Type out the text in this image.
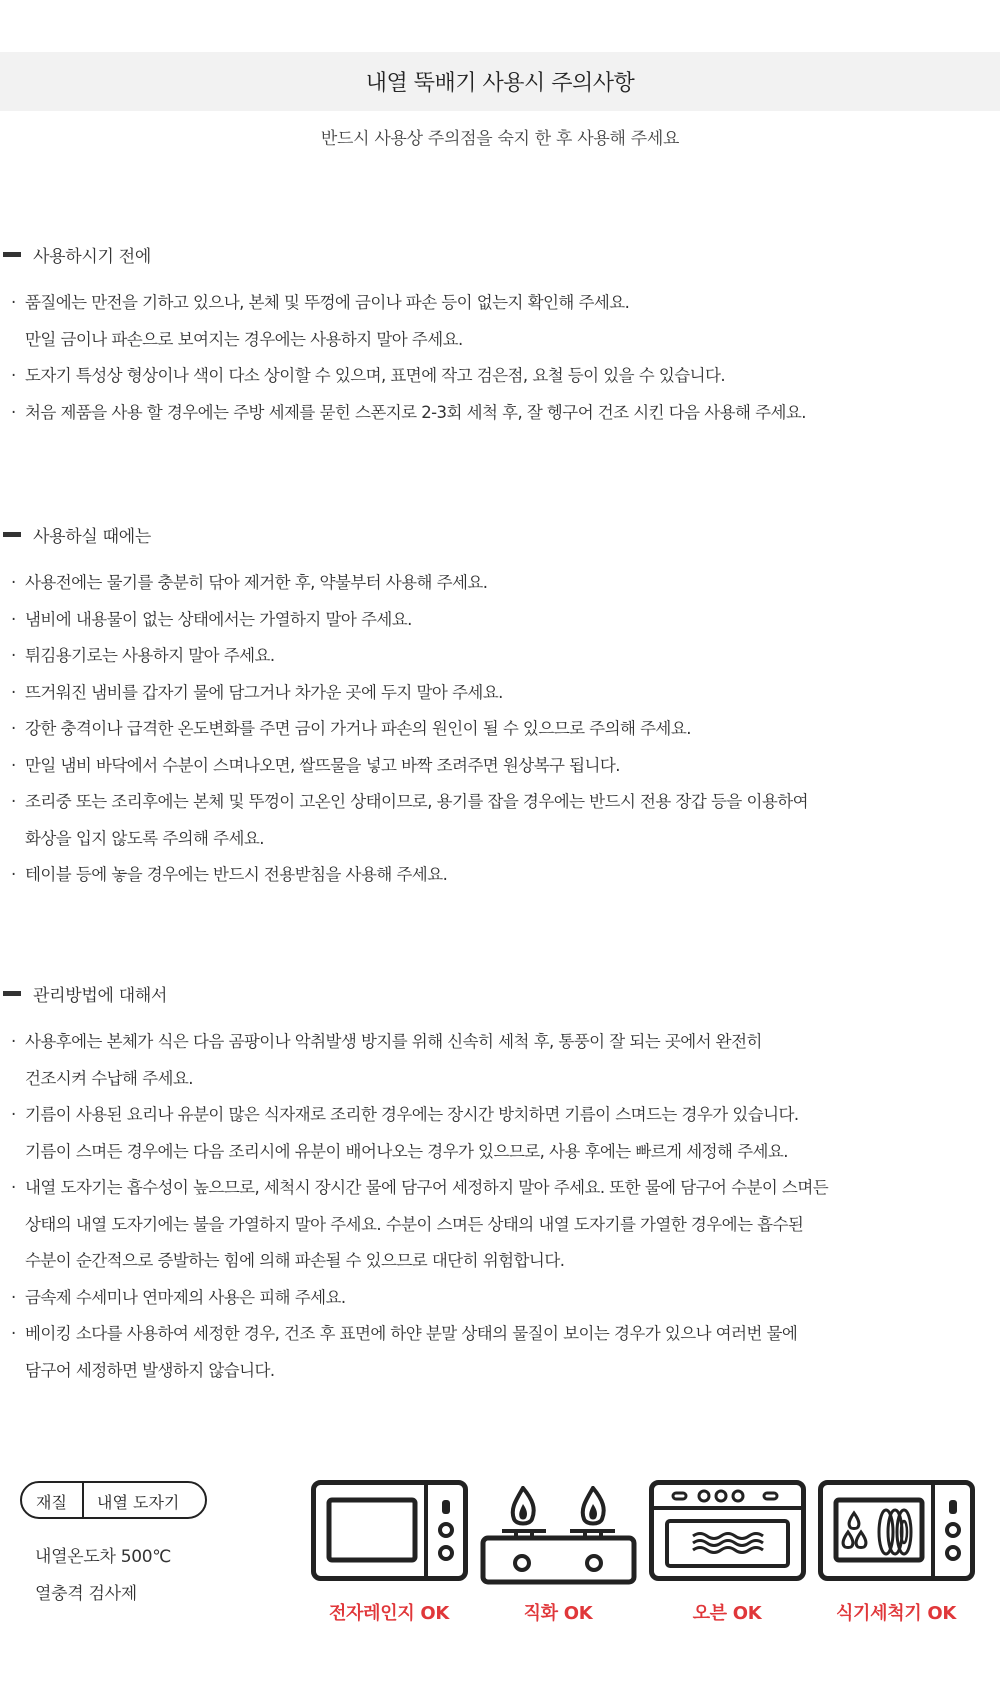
내열 뚝배기 사용시 주의사항
반드시 사용상 주의점을 숙지 한 후 사용해 주세요
사용하시기 전에
· 품질에는 만전을 기하고 있으나, 본체 및 뚜껑에 금이나 파손 등이 없는지 확인해 주세요.
만일 금이나 파손으로 보여지는 경우에는 사용하지 말아 주세요.
· 도자기 특성상 형상이나 색이 다소 상이할 수 있으며, 표면에 작고 검은점, 요철 등이 있을 수 있습니다.
· 처음 제품을 사용 할 경우에는 주방 세제를 묻힌 스폰지로 2-3회 세척 후, 잘 헹구어 건조 시킨 다음 사용해 주세요.
사용하실 때에는
· 사용전에는 물기를 충분히 닦아 제거한 후, 약불부터 사용해 주세요.
· 냄비에 내용물이 없는 상태에서는 가열하지 말아 주세요.
· 튀김용기로는 사용하지 말아 주세요.
· 뜨거워진 냄비를 갑자기 물에 담그거나 차가운 곳에 두지 말아 주세요.
· 강한 충격이나 급격한 온도변화를 주면 금이 가거나 파손의 원인이 될 수 있으므로 주의해 주세요.
· 만일 냄비 바닥에서 수분이 스며나오면, 쌀뜨물을 넣고 바짝 조려주면 원상복구 됩니다.
· 조리중 또는 조리후에는 본체 및 뚜껑이 고온인 상태이므로, 용기를 잡을 경우에는 반드시 전용 장갑 등을 이용하여
화상을 입지 않도록 주의해 주세요.
· 테이블 등에 놓을 경우에는 반드시 전용받침을 사용해 주세요.
관리방법에 대해서
· 사용후에는 본체가 식은 다음 곰팡이나 악취발생 방지를 위해 신속히 세척 후, 통풍이 잘 되는 곳에서 완전히
건조시켜 수납해 주세요.
· 기름이 사용된 요리나 유분이 많은 식자재로 조리한 경우에는 장시간 방치하면 기름이 스며드는 경우가 있습니다.
기름이 스며든 경우에는 다음 조리시에 유분이 배어나오는 경우가 있으므로, 사용 후에는 빠르게 세정해 주세요.
· 내열 도자기는 흡수성이 높으므로, 세척시 장시간 물에 담구어 세정하지 말아 주세요. 또한 물에 담구어 수분이 스며든
상태의 내열 도자기에는 불을 가열하지 말아 주세요. 수분이 스며든 상태의 내열 도자기를 가열한 경우에는 흡수된
수분이 순간적으로 증발하는 힘에 의해 파손될 수 있으므로 대단히 위험합니다.
· 금속제 수세미나 연마제의 사용은 피해 주세요.
· 베이킹 소다를 사용하여 세정한 경우, 건조 후 표면에 하얀 분말 상태의 물질이 보이는 경우가 있으나 여러번 물에
담구어 세정하면 발생하지 않습니다.
재질 내열 도자기
내열온도차 500℃
열충격 검사제
전자레인지 OK	직화 OK	오븐 OK	식기세척기 OK
